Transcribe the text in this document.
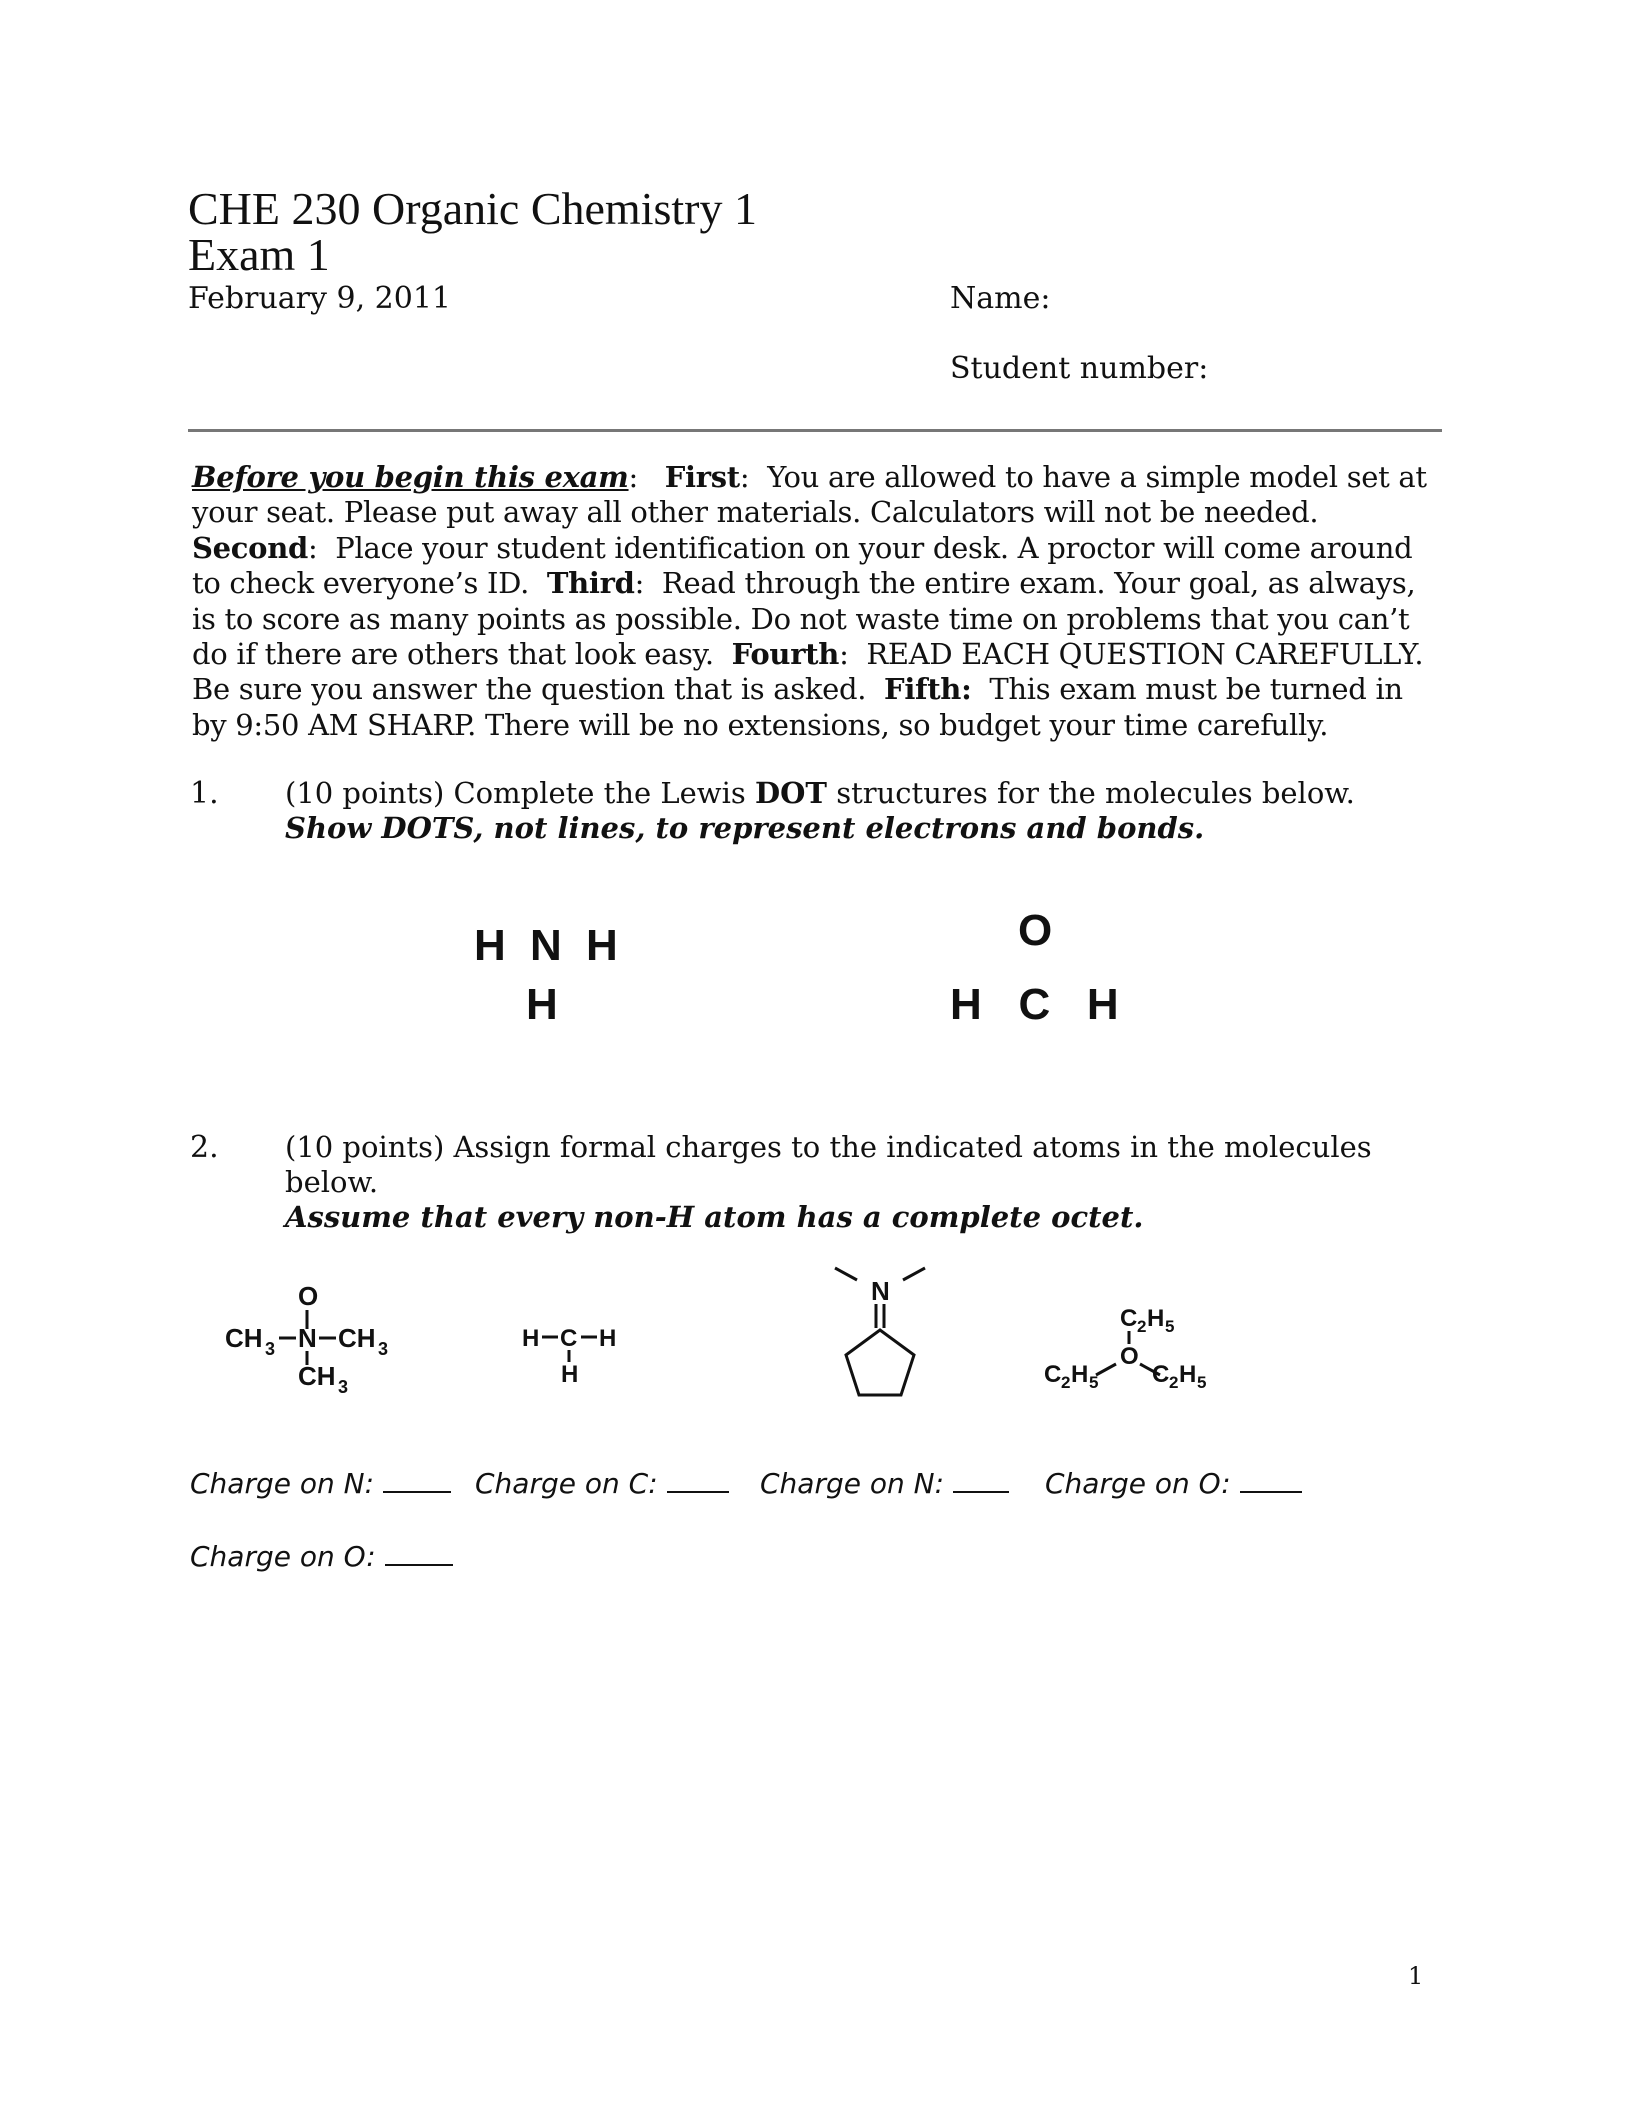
CHE 230 Organic Chemistry 1
Exam 1
February 9, 2011	Name:
Student number:
Before you begin this exam:   First:  You are allowed to have a simple model set at your seat. Please put away all other materials. Calculators will not be needed.  Second:  Place your student identification on your desk. A proctor will come around to check everyone’s ID. Third:  Read through the entire exam. Your goal, as always, is to score as many points as possible. Do not waste time on problems that you can’t do if there are others that look easy. Fourth:  READ EACH QUESTION CAREFULLY. Be sure you answer the question that is asked. Fifth: This exam must be turned in by 9:50 AM SHARP. There will be no extensions, so budget your time carefully.
1. (10 points) Complete the Lewis DOT structures for the molecules below. Show DOTS, not lines, to represent electrons and bonds.
H N H
H
O
H   C   H
2. (10 points) Assign formal charges to the indicated atoms in the molecules below.
Assume that every non-H atom has a complete octet.
O
CH 3 N CH 3
CH 3
H C H
H
N
C 2 H 5
O
C 2 H 5 C 2 H 5
Charge on N:	Charge on C:	Charge on N:	Charge on O:
Charge on O:
1
